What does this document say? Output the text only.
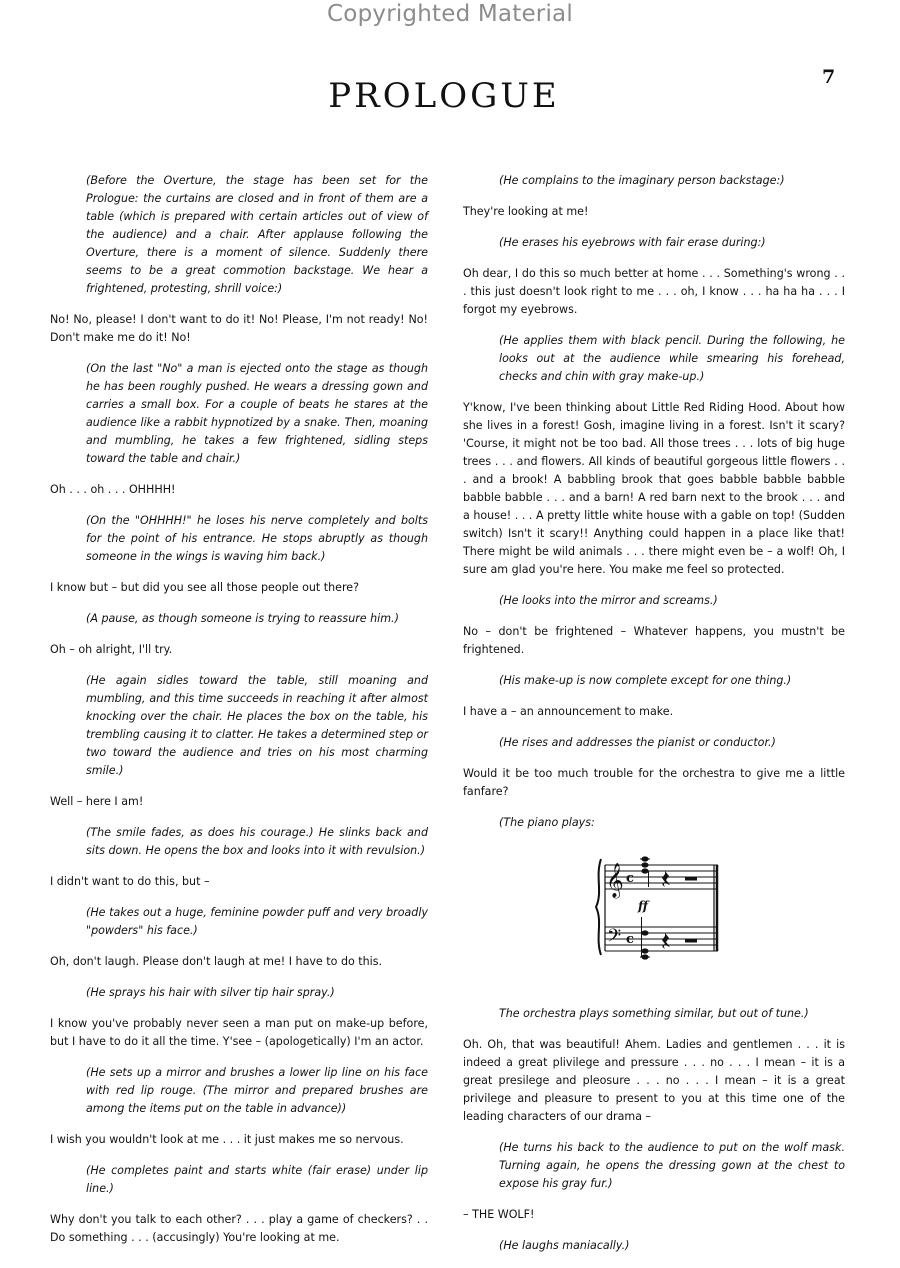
Copyrighted Material
7
PROLOGUE

(Before the Overture, the stage has been set for the Prologue: the curtains are closed and in front of them are a table (which is prepared with certain articles out of view of the audience) and a chair. After applause following the Overture, there is a moment of silence. Suddenly there seems to be a great commotion backstage. We hear a frightened, protesting, shrill voice:)

No! No, please! I don't want to do it! No! Please, I'm not ready! No! Don't make me do it! No!

(On the last "No" a man is ejected onto the stage as though he has been roughly pushed. He wears a dressing gown and carries a small box. For a couple of beats he stares at the audience like a rabbit hypnotized by a snake. Then, moaning and mumbling, he takes a few frightened, sidling steps toward the table and chair.)

Oh . . . oh . . . OHHHH!

(On the "OHHHH!" he loses his nerve completely and bolts for the point of his entrance. He stops abruptly as though someone in the wings is waving him back.)

I know but – but did you see all those people out there?

(A pause, as though someone is trying to reassure him.)

Oh – oh alright, I'll try.

(He again sidles toward the table, still moaning and mumbling, and this time succeeds in reaching it after almost knocking over the chair. He places the box on the table, his trembling causing it to clatter. He takes a determined step or two toward the audience and tries on his most charming smile.)

Well – here I am!

(The smile fades, as does his courage.) He slinks back and sits down. He opens the box and looks into it with revulsion.)

I didn't want to do this, but –

(He takes out a huge, feminine powder puff and very broadly "powders" his face.)

Oh, don't laugh. Please don't laugh at me! I have to do this.

(He sprays his hair with silver tip hair spray.)

I know you've probably never seen a man put on make-up before, but I have to do it all the time. Y'see – (apologetically) I'm an actor.

(He sets up a mirror and brushes a lower lip line on his face with red lip rouge. (The mirror and prepared brushes are among the items put on the table in advance))

I wish you wouldn't look at me . . . it just makes me so nervous.

(He completes paint and starts white (fair erase) under lip line.)

Why don't you talk to each other? . . . play a game of checkers? . . Do something . . . (accusingly) You're looking at me.

(He complains to the imaginary person backstage:)

They're looking at me!

(He erases his eyebrows with fair erase during:)

Oh dear, I do this so much better at home . . . Something's wrong . . . this just doesn't look right to me . . . oh, I know . . . ha ha ha . . . I forgot my eyebrows.

(He applies them with black pencil. During the following, he looks out at the audience while smearing his forehead, checks and chin with gray make-up.)

Y'know, I've been thinking about Little Red Riding Hood. About how she lives in a forest! Gosh, imagine living in a forest. Isn't it scary? 'Course, it might not be too bad. All those trees . . . lots of big huge trees . . . and flowers. All kinds of beautiful gorgeous little flowers . . . and a brook! A babbling brook that goes babble babble babble babble babble . . . and a barn! A red barn next to the brook . . . and a house! . . . A pretty little white house with a gable on top! (Sudden switch) Isn't it scary!! Anything could happen in a place like that! There might be wild animals . . . there might even be – a wolf! Oh, I sure am glad you're here. You make me feel so protected.

(He looks into the mirror and screams.)

No – don't be frightened – Whatever happens, you mustn't be frightened.

(His make-up is now complete except for one thing.)

I have a – an announcement to make.

(He rises and addresses the pianist or conductor.)

Would it be too much trouble for the orchestra to give me a little fanfare?

(The piano plays:

𝄞
𝄢
c
c
ff

The orchestra plays something similar, but out of tune.)

Oh. Oh, that was beautiful! Ahem. Ladies and gentlemen . . . it is indeed a great plivilege and pressure . . . no . . . I mean – it is a great presilege and pleosure . . . no . . . I mean – it is a great privilege and pleasure to present to you at this time one of the leading characters of our drama –

(He turns his back to the audience to put on the wolf mask. Turning again, he opens the dressing gown at the chest to expose his gray fur.)

– THE WOLF!

(He laughs maniacally.)
